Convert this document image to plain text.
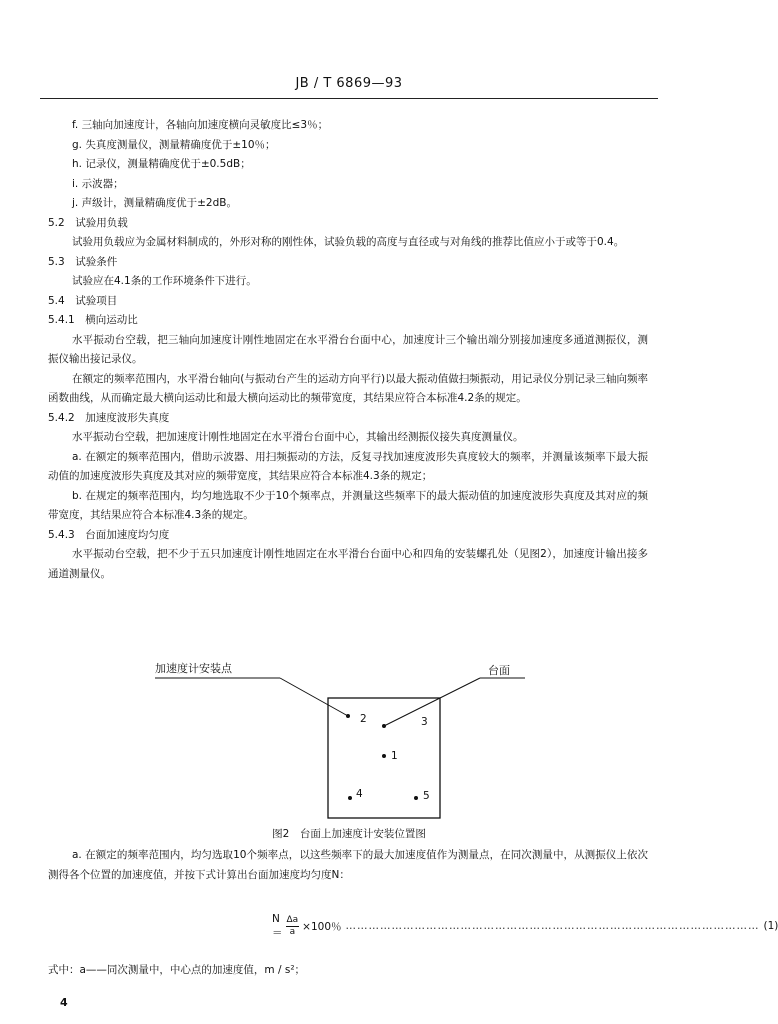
JB / T 6869—93

f. 三轴向加速度计，各轴向加速度横向灵敏度比≤3％；

g. 失真度测量仪，测量精确度优于±10％；

h. 记录仪，测量精确度优于±0.5dB；

i. 示波器；

j. 声级计，测量精确度优于±2dB。

5.2　试验用负载

试验用负载应为金属材料制成的，外形对称的刚性体，试验负载的高度与直径或与对角线的推荐比值应小于或等于0.4。

5.3　试验条件

试验应在4.1条的工作环境条件下进行。

5.4　试验项目

5.4.1　横向运动比

水平振动台空载，把三轴向加速度计刚性地固定在水平滑台台面中心，加速度计三个输出端分别接加速度多通道测振仪，测振仪输出接记录仪。

在额定的频率范围内，水平滑台轴向(与振动台产生的运动方向平行)以最大振动值做扫频振动，用记录仪分别记录三轴向频率函数曲线，从而确定最大横向运动比和最大横向运动比的频带宽度，其结果应符合本标准4.2条的规定。

5.4.2　加速度波形失真度

水平振动台空载，把加速度计刚性地固定在水平滑台台面中心，其输出经测振仪接失真度测量仪。

a. 在额定的频率范围内，借助示波器、用扫频振动的方法，反复寻找加速度波形失真度较大的频率，并测量该频率下最大振动值的加速度波形失真度及其对应的频带宽度，其结果应符合本标准4.3条的规定；

b. 在规定的频率范围内，均匀地选取不少于10个频率点，并测量这些频率下的最大振动值的加速度波形失真度及其对应的频带宽度，其结果应符合本标准4.3条的规定。

5.4.3　台面加速度均匀度

水平振动台空载，把不少于五只加速度计刚性地固定在水平滑台台面中心和四角的安装螺孔处（见图2），加速度计输出接多通道测量仪。

加速度计安装点	台面
1
2	3
4	5
图2　台面上加速度计安装位置图

a. 在额定的频率范围内，均匀选取10个频率点，以这些频率下的最大加速度值作为测量点，在同次测量中，从测振仪上依次测得各个位置的加速度值，并按下式计算出台面加速度均匀度N：

$N= \frac{\Delta a}{a} \times 100$％ ……………………………………………………………………………………………… (1)
式中：a——同次测量中，中心点的加速度值，m / s²；
4
